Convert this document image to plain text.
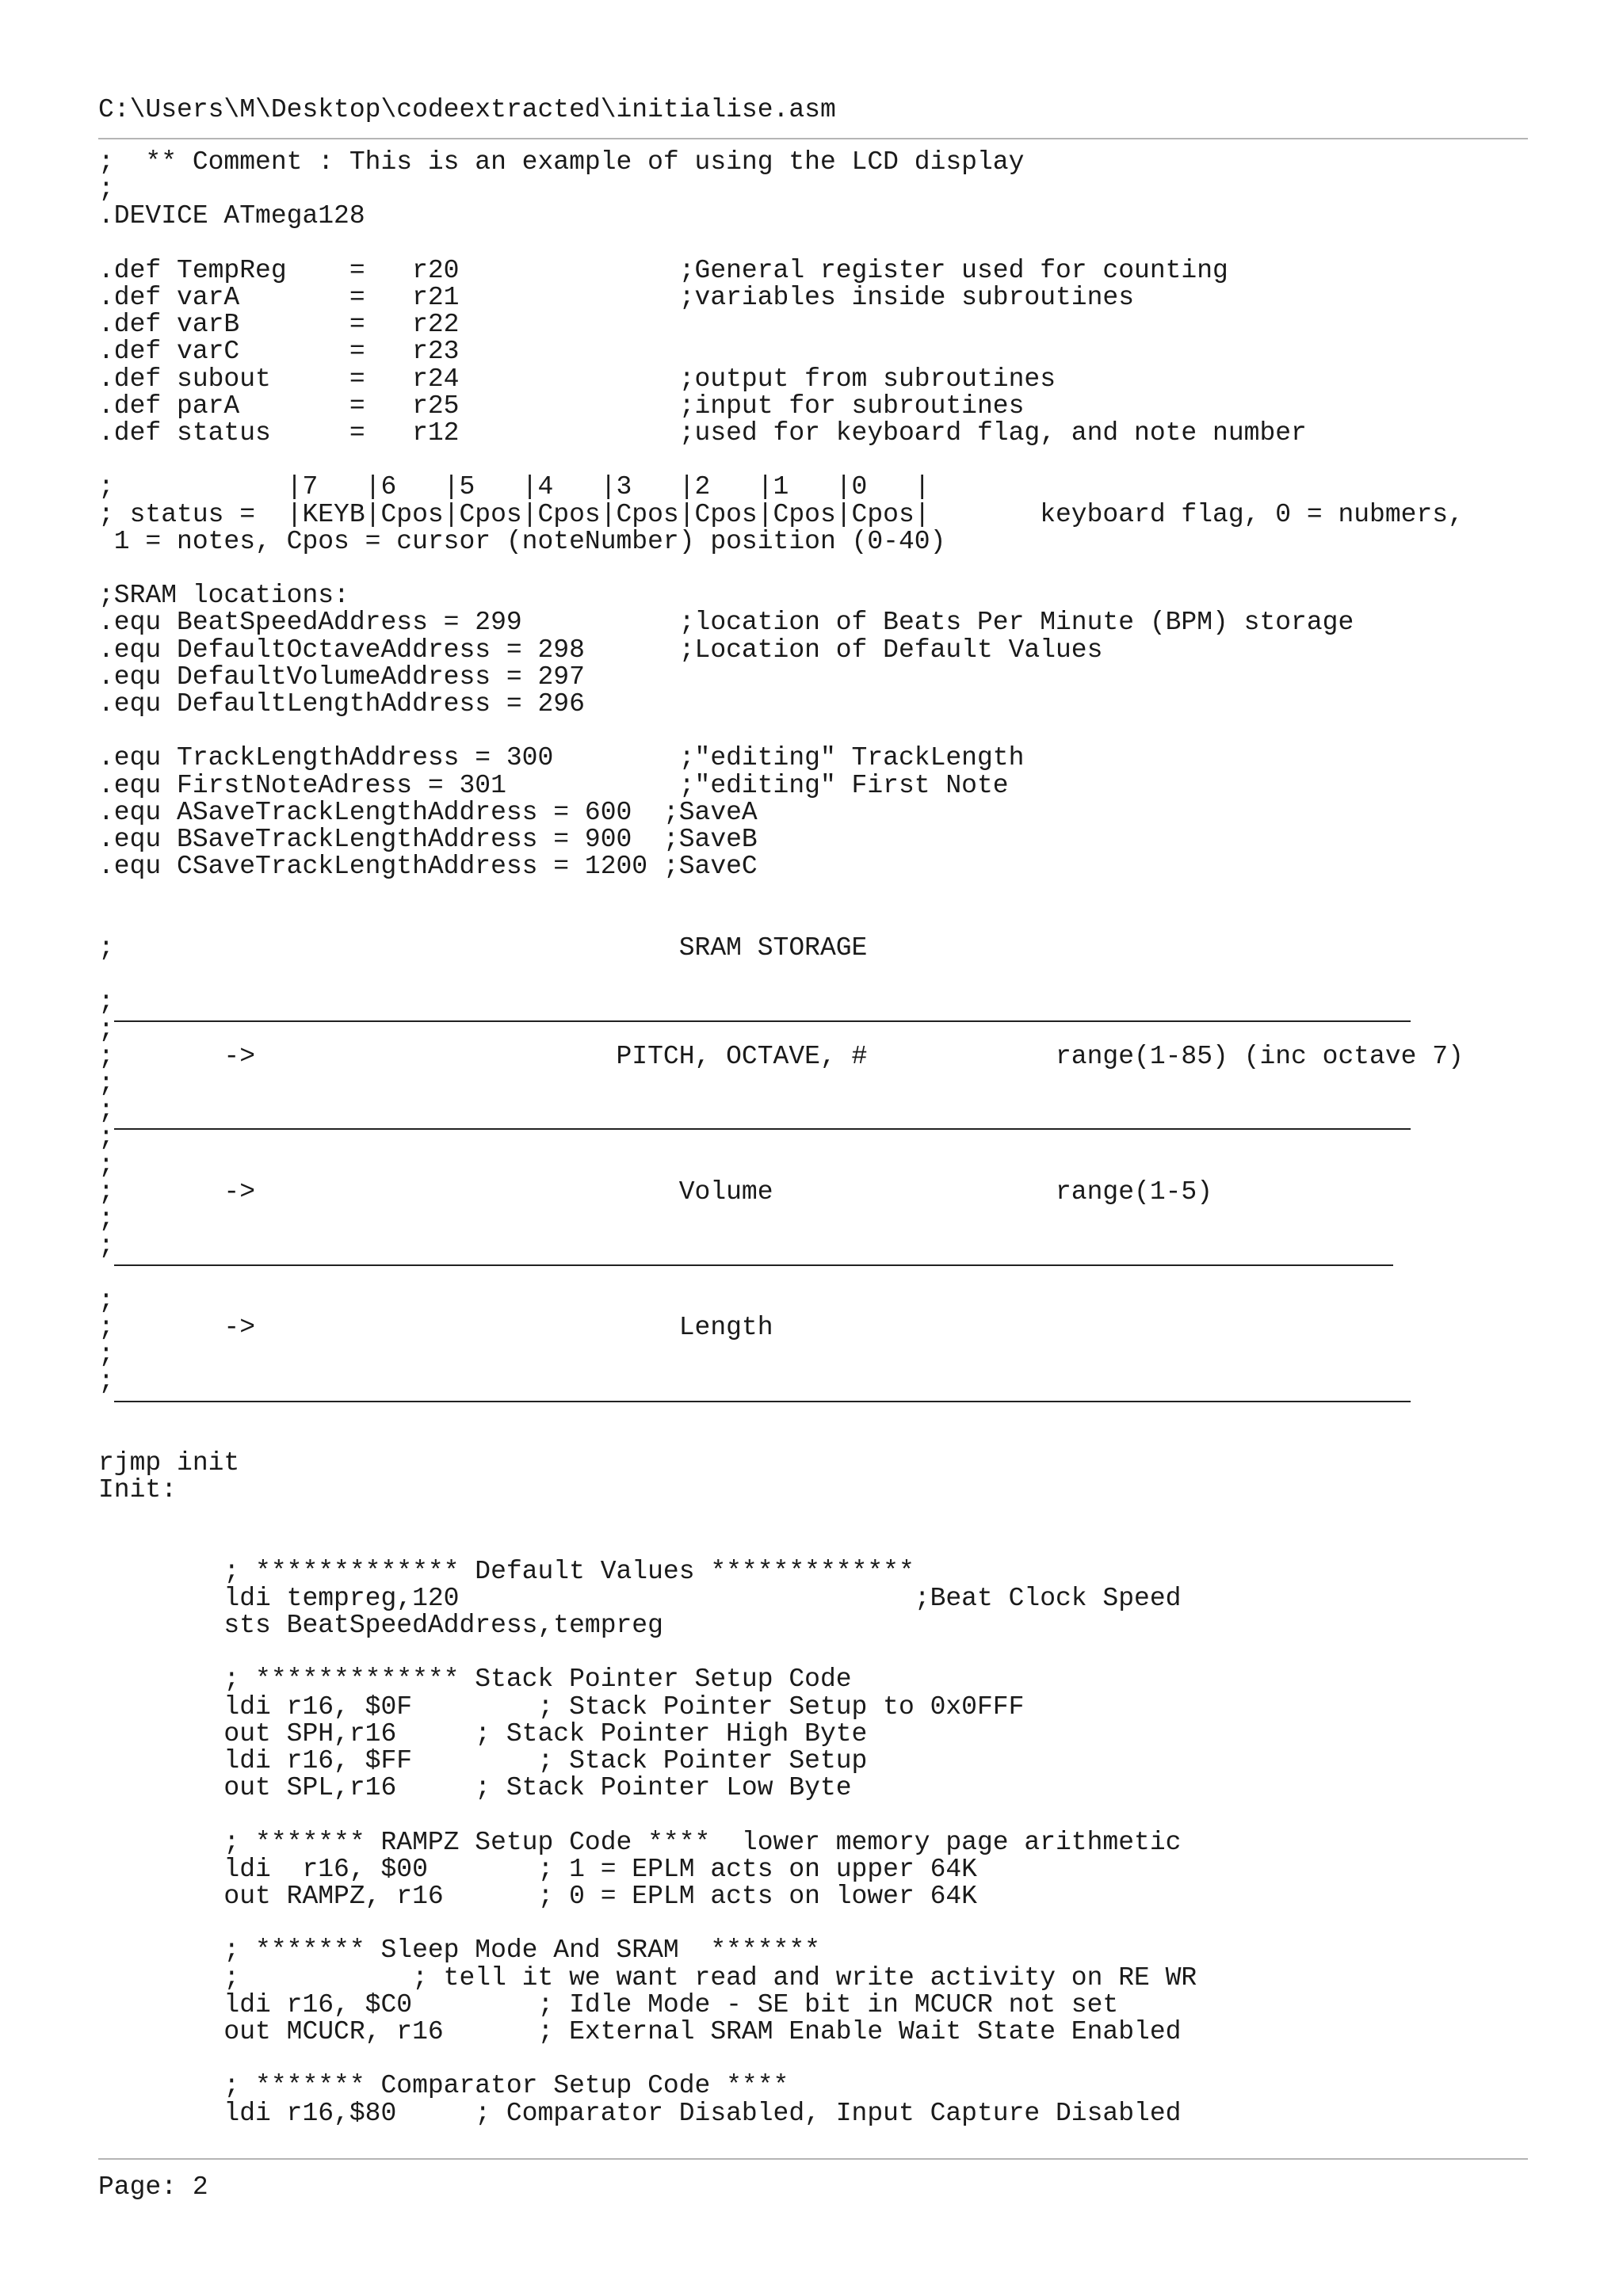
C:\Users\M\Desktop\codeextracted\initialise.asm
;  ** Comment : This is an example of using the LCD display
;
.DEVICE ATmega128

.def TempReg    =   r20              ;General register used for counting
.def varA       =   r21              ;variables inside subroutines
.def varB       =   r22
.def varC       =   r23
.def subout     =   r24              ;output from subroutines
.def parA       =   r25              ;input for subroutines
.def status     =   r12              ;used for keyboard flag, and note number

;           |7   |6   |5   |4   |3   |2   |1   |0   |
; status =  |KEYB|Cpos|Cpos|Cpos|Cpos|Cpos|Cpos|Cpos|       keyboard flag, 0 = nubmers,
1 = notes, Cpos = cursor (noteNumber) position (0-40)

;SRAM locations:
.equ BeatSpeedAddress = 299          ;location of Beats Per Minute (BPM) storage
.equ DefaultOctaveAddress = 298      ;Location of Default Values
.equ DefaultVolumeAddress = 297
.equ DefaultLengthAddress = 296

.equ TrackLengthAddress = 300        ;"editing" TrackLength
.equ FirstNoteAdress = 301           ;"editing" First Note
.equ ASaveTrackLengthAddress = 600  ;SaveA
.equ BSaveTrackLengthAddress = 900  ;SaveB
.equ CSaveTrackLengthAddress = 1200 ;SaveC

;                                    SRAM STORAGE

;
;
;       ->                       PITCH, OCTAVE, #            range(1-85) (inc octave 7)
;
;
;
;
;       ->                           Volume                  range(1-5)
;
;

;
;       ->                           Length
;
;

rjmp init
Init:

; ************* Default Values *************
ldi tempreg,120                             ;Beat Clock Speed
sts BeatSpeedAddress,tempreg

; ************* Stack Pointer Setup Code
ldi r16, $0F        ; Stack Pointer Setup to 0x0FFF
out SPH,r16     ; Stack Pointer High Byte
ldi r16, $FF        ; Stack Pointer Setup
out SPL,r16     ; Stack Pointer Low Byte

; ******* RAMPZ Setup Code ****  lower memory page arithmetic
ldi  r16, $00       ; 1 = EPLM acts on upper 64K
out RAMPZ, r16      ; 0 = EPLM acts on lower 64K

; ******* Sleep Mode And SRAM  *******
;           ; tell it we want read and write activity on RE WR
ldi r16, $C0        ; Idle Mode - SE bit in MCUCR not set
out MCUCR, r16      ; External SRAM Enable Wait State Enabled

; ******* Comparator Setup Code ****
ldi r16,$80     ; Comparator Disabled, Input Capture Disabled
Page: 2
